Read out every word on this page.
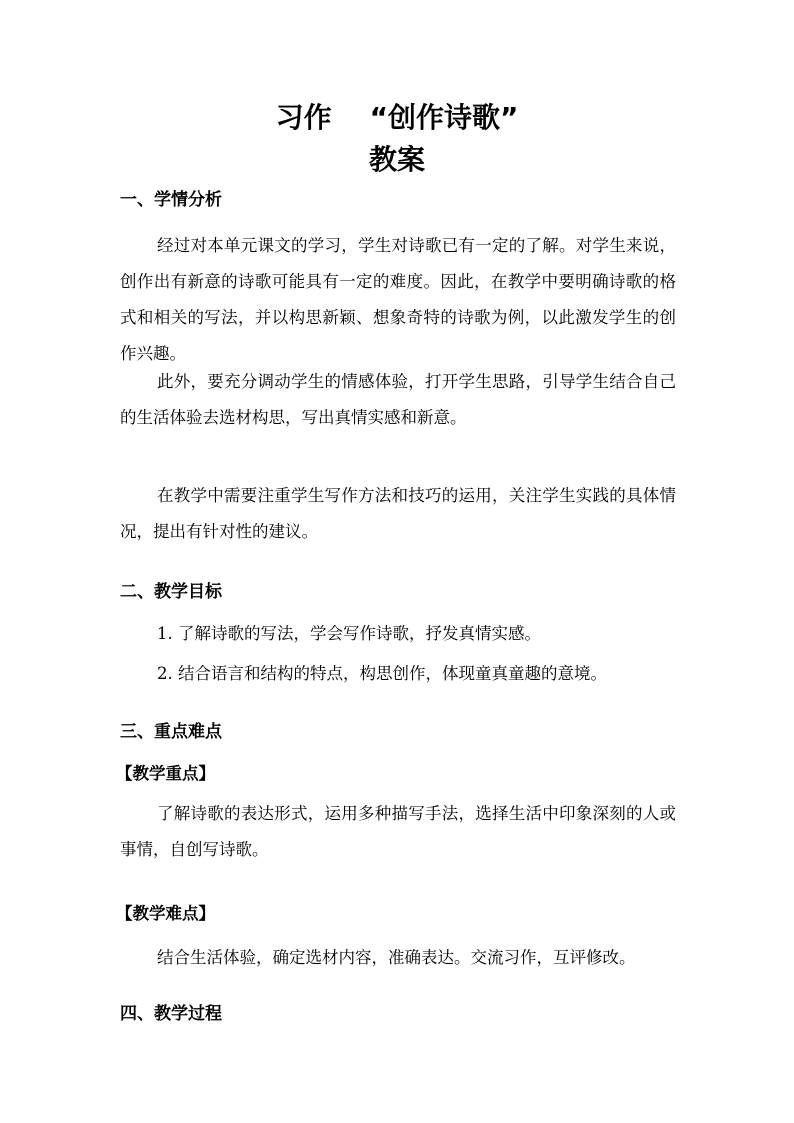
习作 “创作诗歌”
教案
一、学情分析

经过对本单元课文的学习，学生对诗歌已有一定的了解。对学生来说，创作出有新意的诗歌可能具有一定的难度。因此，在教学中要明确诗歌的格式和相关的写法，并以构思新颖、想象奇特的诗歌为例，以此激发学生的创作兴趣。

此外，要充分调动学生的情感体验，打开学生思路，引导学生结合自己的生活体验去选材构思，写出真情实感和新意。

在教学中需要注重学生写作方法和技巧的运用，关注学生实践的具体情况，提出有针对性的建议。

二、教学目标

1. 了解诗歌的写法，学会写作诗歌，抒发真情实感。

2. 结合语言和结构的特点，构思创作，体现童真童趣的意境。

三、重点难点

【教学重点】

了解诗歌的表达形式，运用多种描写手法，选择生活中印象深刻的人或事情，自创写诗歌。

【教学难点】

结合生活体验，确定选材内容，准确表达。交流习作，互评修改。

四、教学过程
